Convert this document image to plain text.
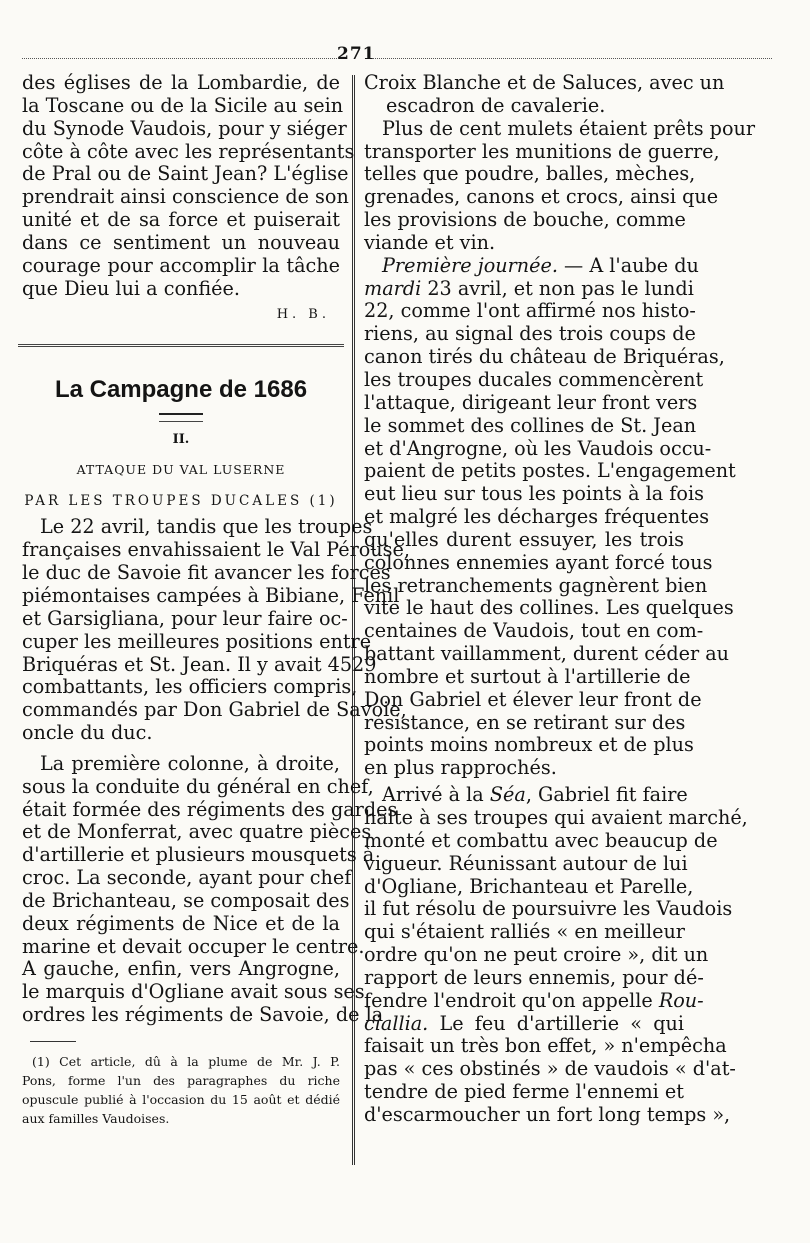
271
des églises de la Lombardie, de
la Toscane ou de la Sicile au sein
du Synode Vaudois, pour y siéger
côte à côte avec les représentants
de Pral ou de Saint Jean? L'église
prendrait ainsi conscience de son
unité et de sa force et puiserait
dans ce sentiment un nouveau
courage pour accomplir la tâche
que Dieu lui a confiée.
H. B.
La Campagne de 1686
II.
ATTAQUE DU VAL LUSERNE
PAR LES TROUPES DUCALES (1)
Le 22 avril, tandis que les troupes
françaises envahissaient le Val Pérouse,
le duc de Savoie fit avancer les forces
piémontaises campées à Bibiane, Fenil
et Garsigliana, pour leur faire oc-
cuper les meilleures positions entre
Briquéras et St. Jean. Il y avait 4529
combattants, les officiers compris,
commandés par Don Gabriel de Savoie,
oncle du duc.
La première colonne, à droite,
sous la conduite du général en chef,
était formée des régiments des gardes
et de Monferrat, avec quatre pièces
d'artillerie et plusieurs mousquets à
croc. La seconde, ayant pour chef
de Brichanteau, se composait des
deux régiments de Nice et de la
marine et devait occuper le centre.
A gauche, enfin, vers Angrogne,
le marquis d'Ogliane avait sous ses
ordres les régiments de Savoie, de la
(1) Cet article, dû à la plume de Mr. J. P.
Pons, forme l'un des paragraphes du riche
opuscule publié à l'occasion du 15 août et dédié
aux familles Vaudoises.
Croix Blanche et de Saluces, avec un
escadron de cavalerie.
Plus de cent mulets étaient prêts pour
transporter les munitions de guerre,
telles que poudre, balles, mèches,
grenades, canons et crocs, ainsi que
les provisions de bouche, comme
viande et vin.
Première journée. — A l'aube du
mardi 23 avril, et non pas le lundi
22, comme l'ont affirmé nos histo-
riens, au signal des trois coups de
canon tirés du château de Briquéras,
les troupes ducales commencèrent
l'attaque, dirigeant leur front vers
le sommet des collines de St. Jean
et d'Angrogne, où les Vaudois occu-
paient de petits postes. L'engagement
eut lieu sur tous les points à la fois
et malgré les décharges fréquentes
qu'elles durent essuyer, les trois
colonnes ennemies ayant forcé tous
les retranchements gagnèrent bien
vite le haut des collines. Les quelques
centaines de Vaudois, tout en com-
battant vaillamment, durent céder au
nombre et surtout à l'artillerie de
Don Gabriel et élever leur front de
résistance, en se retirant sur des
points moins nombreux et de plus
en plus rapprochés.
Arrivé à la Séa, Gabriel fit faire
halte à ses troupes qui avaient marché,
monté et combattu avec beaucup de
vigueur. Réunissant autour de lui
d'Ogliane, Brichanteau et Parelle,
il fut résolu de poursuivre les Vaudois
qui s'étaient ralliés « en meilleur
ordre qu'on ne peut croire », dit un
rapport de leurs ennemis, pour dé-
fendre l'endroit qu'on appelle Rou-
ciallia. Le feu d'artillerie « qui
faisait un très bon effet, » n'empêcha
pas « ces obstinés » de vaudois « d'at-
tendre de pied ferme l'ennemi et
d'escarmoucher un fort long temps »,
